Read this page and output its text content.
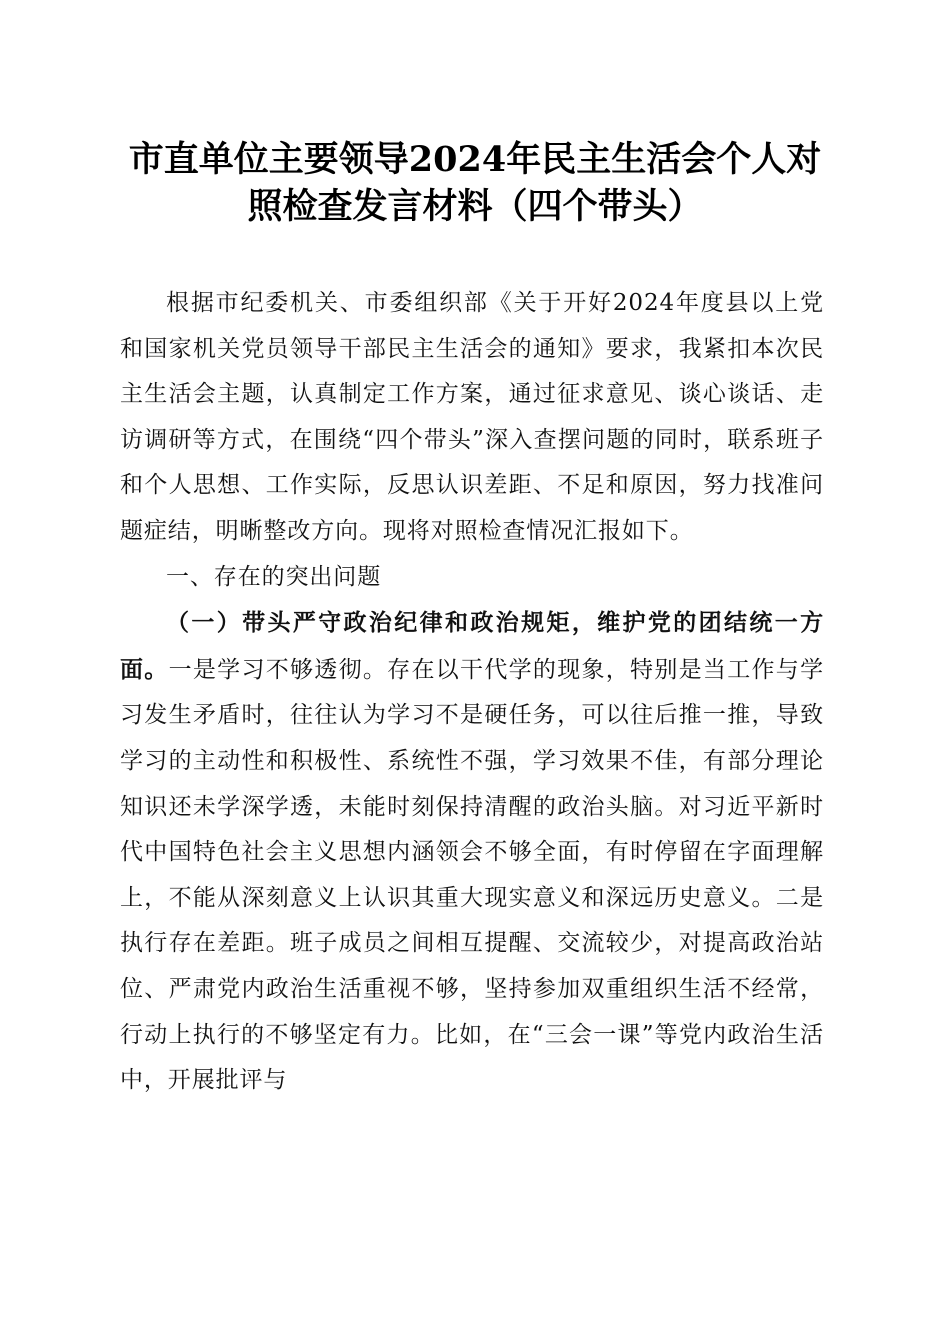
市直单位主要领导2024年民主生活会个人对
照检查发言材料（四个带头）

根据市纪委机关、市委组织部《关于开好2024年度县以上党和国家机关党员领导干部民主生活会的通知》要求，我紧扣本次民主生活会主题，认真制定工作方案，通过征求意见、谈心谈话、走访调研等方式，在围绕“四个带头”深入查摆问题的同时，联系班子和个人思想、工作实际，反思认识差距、不足和原因，努力找准问题症结，明晰整改方向。现将对照检查情况汇报如下。

一、存在的突出问题

（一）带头严守政治纪律和政治规矩，维护党的团结统一方面。一是学习不够透彻。存在以干代学的现象，特别是当工作与学习发生矛盾时，往往认为学习不是硬任务，可以往后推一推，导致学习的主动性和积极性、系统性不强，学习效果不佳，有部分理论知识还未学深学透，未能时刻保持清醒的政治头脑。对习近平新时代中国特色社会主义思想内涵领会不够全面，有时停留在字面理解上，不能从深刻意义上认识其重大现实意义和深远历史意义。二是执行存在差距。班子成员之间相互提醒、交流较少，对提高政治站位、严肃党内政治生活重视不够，坚持参加双重组织生活不经常，行动上执行的不够坚定有力。比如，在“三会一课”等党内政治生活中，开展批评与
